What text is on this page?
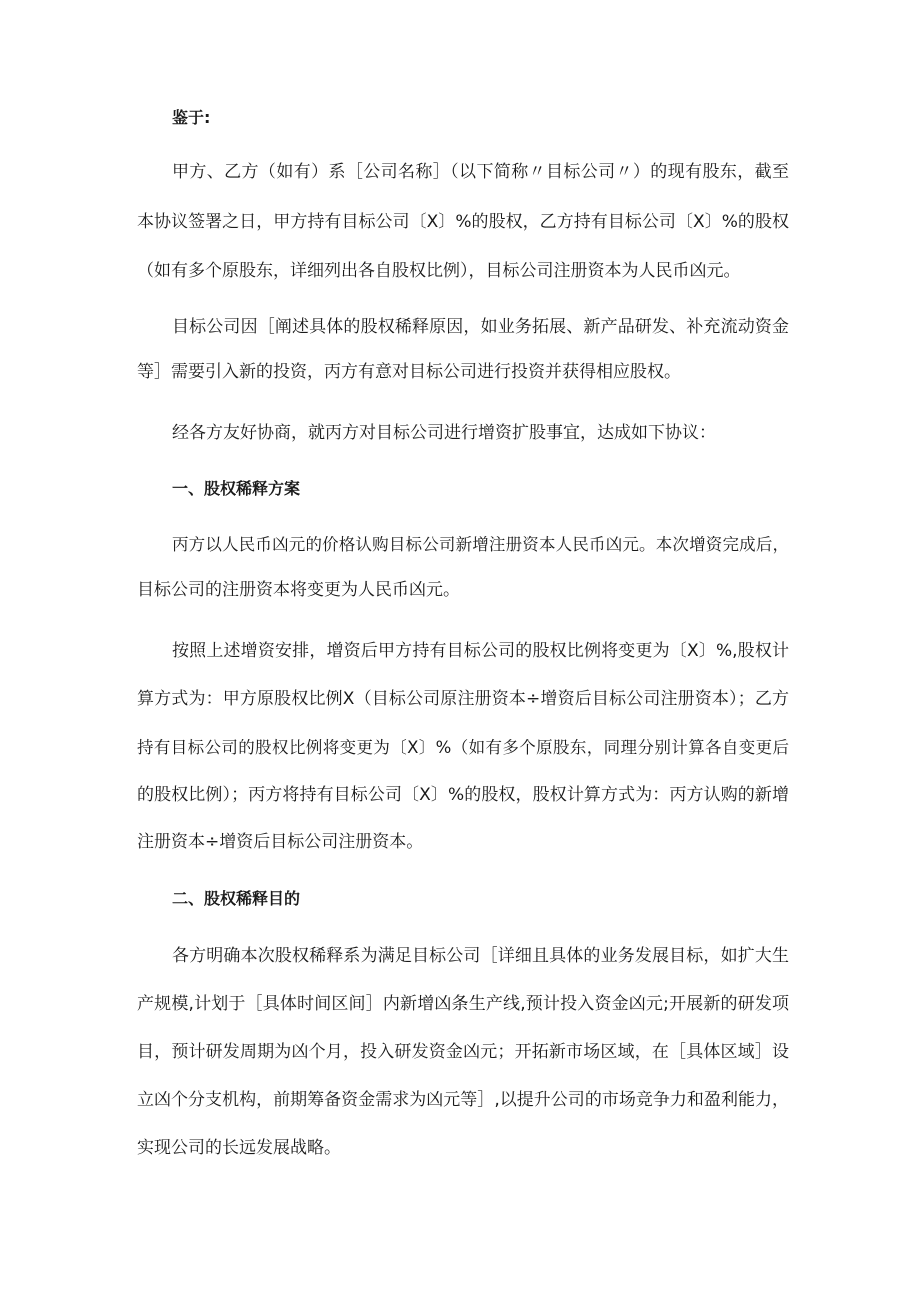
鉴于:
甲方、乙方（如有）系［公司名称］（以下简称〃目标公司〃）的现有股东，截至
本协议签署之日，甲方持有目标公司〔X〕%的股权，乙方持有目标公司〔X〕%的股权
（如有多个原股东，详细列出各自股权比例），目标公司注册资本为人民币凶元。
目标公司因［阐述具体的股权稀释原因，如业务拓展、新产品研发、补充流动资金
等］需要引入新的投资，丙方有意对目标公司进行投资并获得相应股权。
经各方友好协商，就丙方对目标公司进行增资扩股事宜，达成如下协议：
一、股权稀释方案
丙方以人民币凶元的价格认购目标公司新增注册资本人民币凶元。本次增资完成后，
目标公司的注册资本将变更为人民币凶元。
按照上述增资安排，增资后甲方持有目标公司的股权比例将变更为〔X〕%,股权计
算方式为：甲方原股权比例X（目标公司原注册资本÷增资后目标公司注册资本）；乙方
持有目标公司的股权比例将变更为〔X〕%（如有多个原股东，同理分别计算各自变更后
的股权比例）；丙方将持有目标公司〔X〕%的股权，股权计算方式为：丙方认购的新增
注册资本÷增资后目标公司注册资本。
二、股权稀释目的
各方明确本次股权稀释系为满足目标公司［详细且具体的业务发展目标，如扩大生
产规模,计划于［具体时间区间］内新增凶条生产线,预计投入资金凶元;开展新的研发项
目，预计研发周期为凶个月，投入研发资金凶元；开拓新市场区域，在［具体区域］设
立凶个分支机构，前期筹备资金需求为凶元等］,以提升公司的市场竞争力和盈利能力，
实现公司的长远发展战略。
